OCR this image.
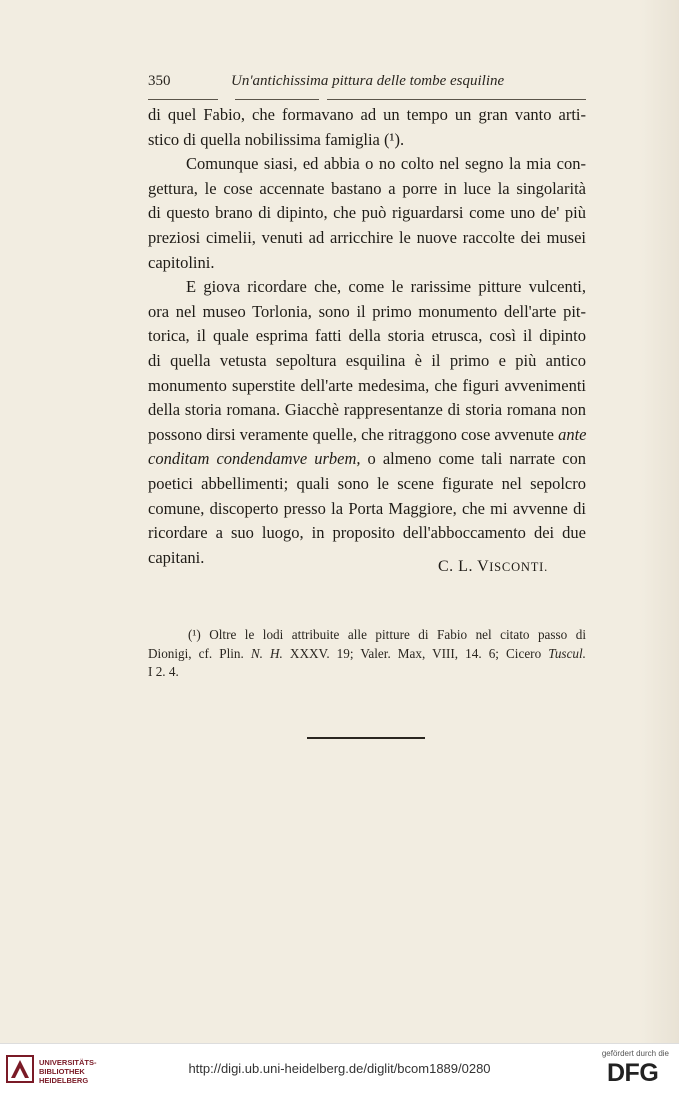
350	Un'antichissima pittura delle tombe esquiline
di quel Fabio, che formavano ad un tempo un gran vanto arti-
stico di quella nobilissima famiglia (¹).
Comunque siasi, ed abbia o no colto nel segno la mia con-
gettura, le cose accennate bastano a porre in luce la singolarità
di questo brano di dipinto, che può riguardarsi come uno de' più
preziosi cimelii, venuti ad arricchire le nuove raccolte dei musei
capitolini.
E giova ricordare che, come le rarissime pitture vulcenti,
ora nel museo Torlonia, sono il primo monumento dell'arte pit-
torica, il quale esprima fatti della storia etrusca, così il dipinto
di quella vetusta sepoltura esquilina è il primo e più antico
monumento superstite dell'arte medesima, che figuri avvenimenti
della storia romana. Giacchè rappresentanze di storia romana non
possono dirsi veramente quelle, che ritraggono cose avvenute ante
conditam condendamve urbem, o almeno come tali narrate con
poetici abbellimenti; quali sono le scene figurate nel sepolcro
comune, discoperto presso la Porta Maggiore, che mi avvenne di
ricordare a suo luogo, in proposito dell'abboccamento dei due
capitani.	C. L. VISCONTI.
(¹) Oltre le lodi attribuite alle pitture di Fabio nel citato passo di
Dionigi, cf. Plin. N. H. XXXV. 19; Valer. Max, VIII, 14. 6; Cicero Tuscul.
I 2. 4.
UNIVERSITÄTS-
BIBLIOTHEK
HEIDELBERG
http://digi.ub.uni-heidelberg.de/diglit/bcom1889/0280
gefördert durch die
DFG
